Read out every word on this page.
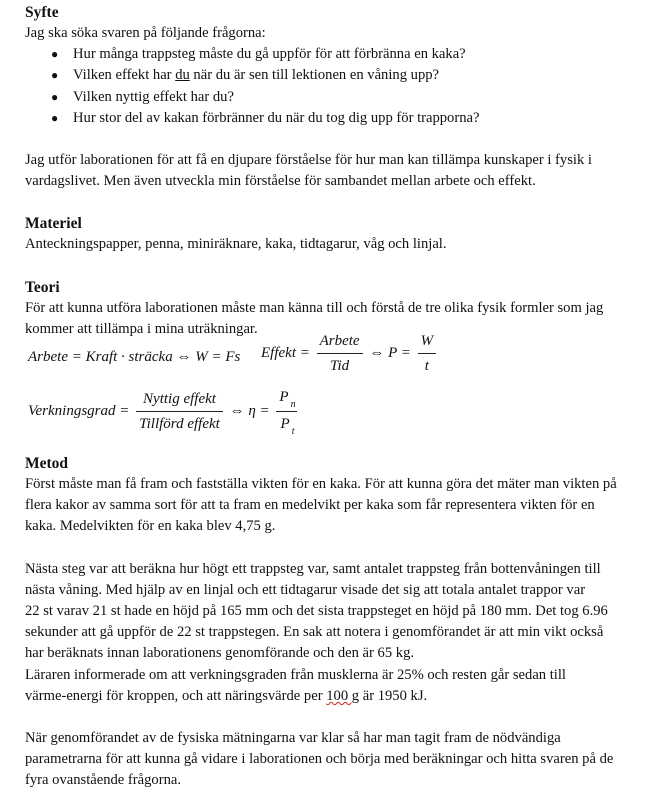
Syfte

Jag ska söka svaren på följande frågorna:

● Hur många trappsteg måste du gå uppför för att förbränna en kaka?
● Vilken effekt har du när du är sen till lektionen en våning upp?
● Vilken nyttig effekt har du?
● Hur stor del av kakan förbränner du när du tog dig upp för trapporna?

Jag utför laborationen för att få en djupare förståelse för hur man kan tillämpa kunskaper i fysik i

vardagslivet. Men även utveckla min förståelse för sambandet mellan arbete och effekt.

Materiel

Anteckningspapper, penna, miniräknare, kaka, tidtagarur, våg och linjal.

Teori

För att kunna utföra laborationen måste man känna till och förstå de tre olika fysik formler som jag

kommer att tillämpa i mina uträkningar.

Arbete = Kraft · sträcka ⇔ W = Fs Effekt = $\frac{\text{Arbete}}{\text{Tid}}$ ⇔ $P = \frac{W}{t}$
Verkningsgrad = $\frac{\text{Nyttig effekt}}{\text{Tillförd effekt}}$ ⇔ $\eta = \frac{P _n}{P _t}$

Metod

Först måste man få fram och fastställa vikten för en kaka. För att kunna göra det mäter man vikten på

flera kakor av samma sort för att ta fram en medelvikt per kaka som får representera vikten för en

kaka. Medelvikten för en kaka blev 4,75 g.

Nästa steg var att beräkna hur högt ett trappsteg var, samt antalet trappsteg från bottenvåningen till

nästa våning. Med hjälp av en linjal och ett tidtagarur visade det sig att totala antalet trappor var

22 st varav 21 st hade en höjd på 165 mm och det sista trappsteget en höjd på 180 mm. Det tog 6.96

sekunder att gå uppför de 22 st trappstegen. En sak att notera i genomförandet är att min vikt också

har beräknats innan laborationens genomförande och den är 65 kg.

Läraren informerade om att verkningsgraden från musklerna är 25% och resten går sedan till

värme-energi för kroppen, och att näringsvärde per 100 g är 1950 kJ.

När genomförandet av de fysiska mätningarna var klar så har man tagit fram de nödvändiga

parametrarna för att kunna gå vidare i laborationen och börja med beräkningar och hitta svaren på de

fyra ovanstående frågorna.
